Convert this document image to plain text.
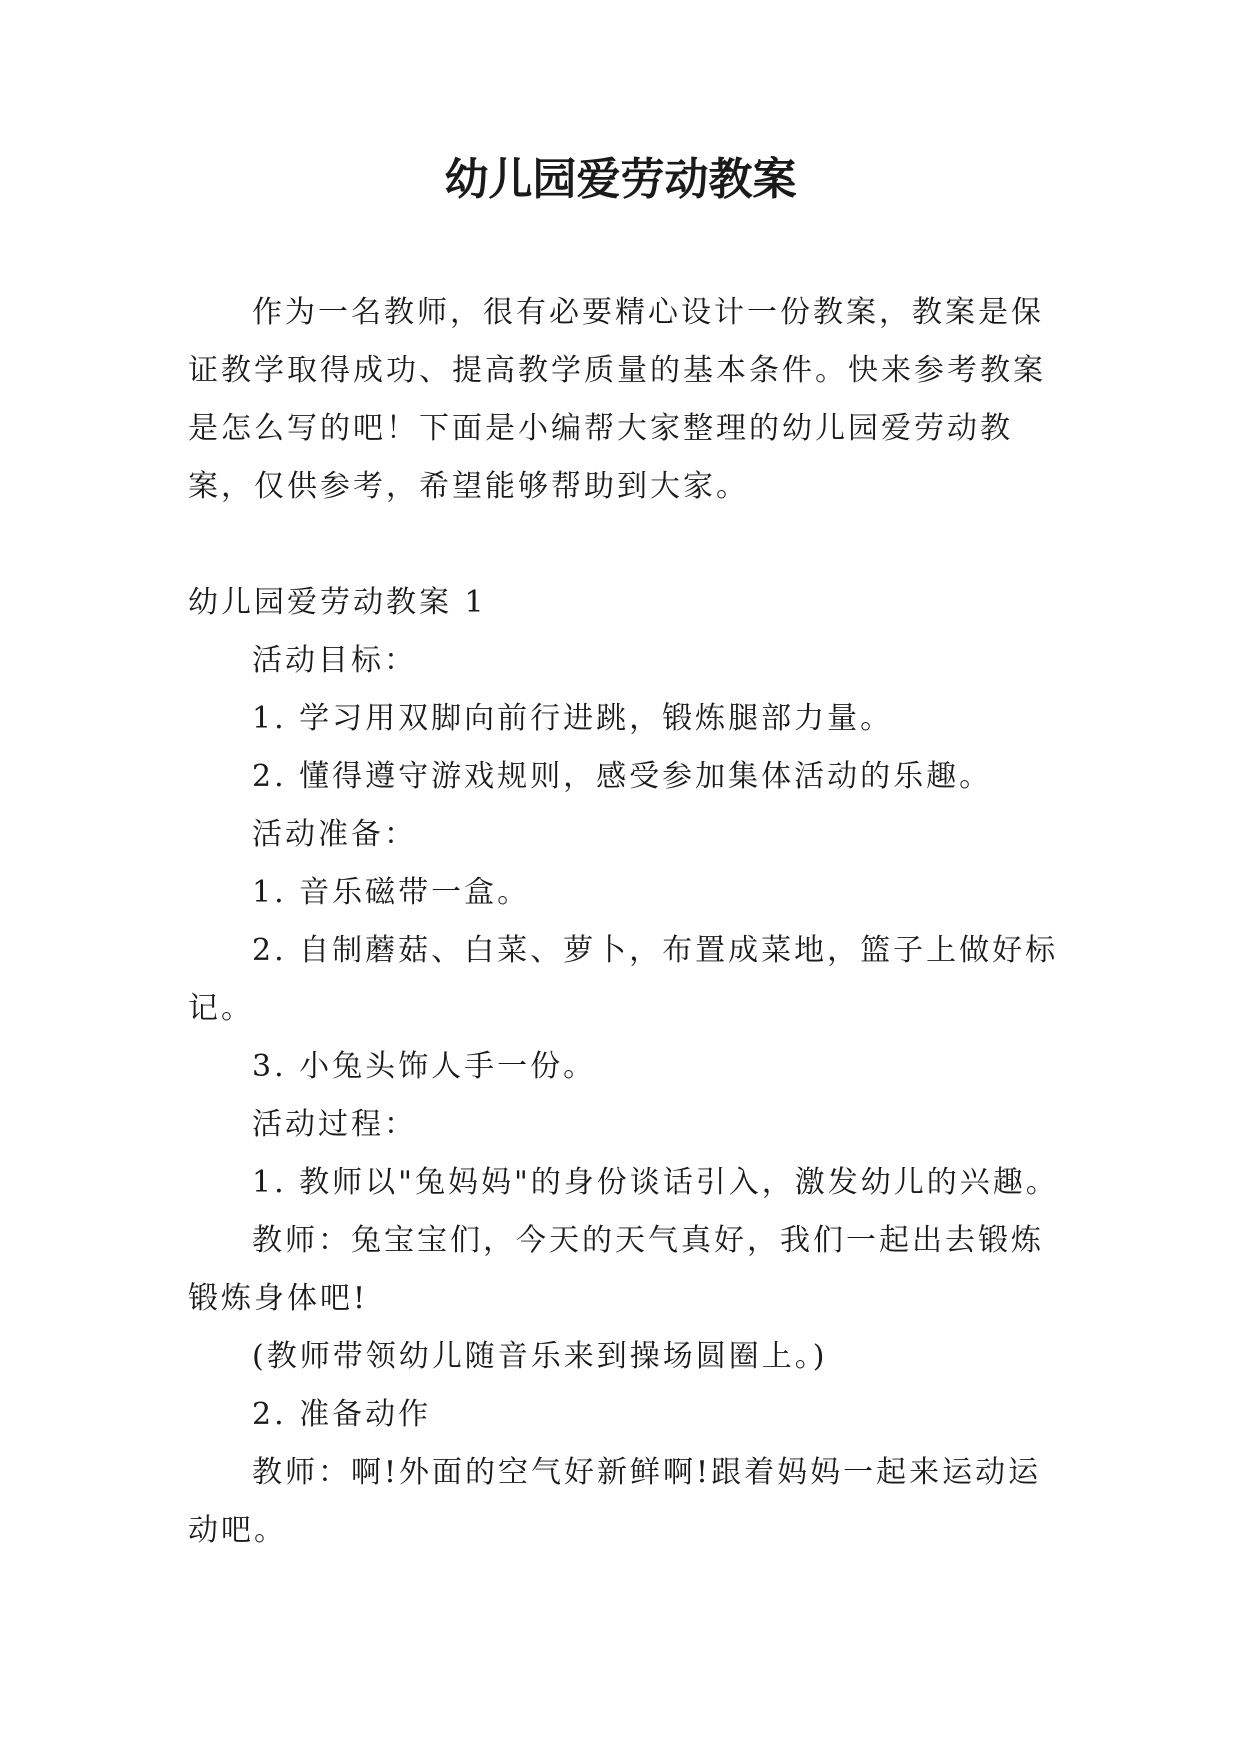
幼儿园爱劳动教案

作为一名教师，很有必要精心设计一份教案，教案是保证教学取得成功、提高教学质量的基本条件。快来参考教案是怎么写的吧！下面是小编帮大家整理的幼儿园爱劳动教案，仅供参考，希望能够帮助到大家。

幼儿园爱劳动教案 1

活动目标：

1. 学习用双脚向前行进跳，锻炼腿部力量。

2. 懂得遵守游戏规则，感受参加集体活动的乐趣。

活动准备：

1. 音乐磁带一盒。

2. 自制蘑菇、白菜、萝卜，布置成菜地，篮子上做好标记。

3. 小兔头饰人手一份。

活动过程：

1. 教师以"兔妈妈"的身份谈话引入，激发幼儿的兴趣。

教师：兔宝宝们，今天的天气真好，我们一起出去锻炼锻炼身体吧!

(教师带领幼儿随音乐来到操场圆圈上。)

2. 准备动作

教师：啊!外面的空气好新鲜啊!跟着妈妈一起来运动运动吧。
